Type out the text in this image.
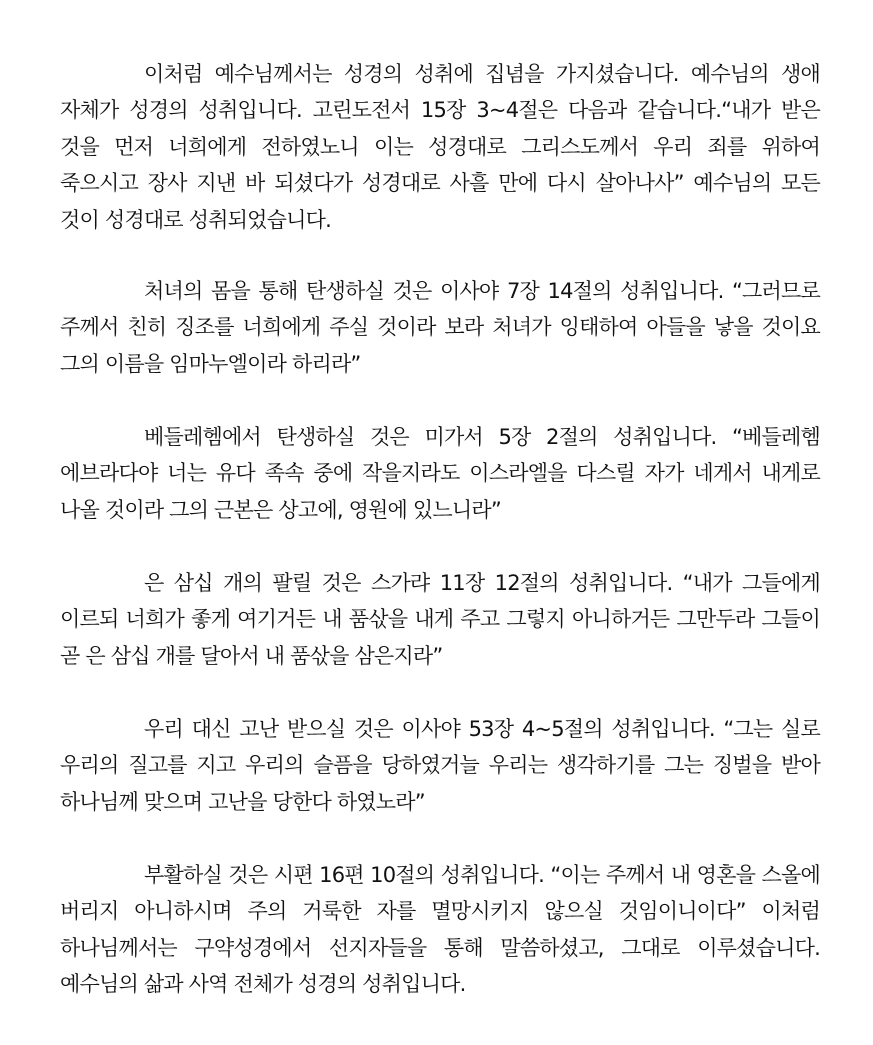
이처럼 예수님께서는 성경의 성취에 집념을 가지셨습니다. 예수님의 생애 자체가 성경의 성취입니다. 고린도전서 15장 3~4절은 다음과 같습니다.“내가 받은 것을 먼저 너희에게 전하였노니 이는 성경대로 그리스도께서 우리 죄를 위하여 죽으시고 장사 지낸 바 되셨다가 성경대로 사흘 만에 다시 살아나사” 예수님의 모든 것이 성경대로 성취되었습니다.

처녀의 몸을 통해 탄생하실 것은 이사야 7장 14절의 성취입니다. “그러므로 주께서 친히 징조를 너희에게 주실 것이라 보라 처녀가 잉태하여 아들을 낳을 것이요 그의 이름을 임마누엘이라 하리라”

베들레헴에서 탄생하실 것은 미가서 5장 2절의 성취입니다. “베들레헴 에브라다야 너는 유다 족속 중에 작을지라도 이스라엘을 다스릴 자가 네게서 내게로 나올 것이라 그의 근본은 상고에, 영원에 있느니라”

은 삼십 개의 팔릴 것은 스가랴 11장 12절의 성취입니다. “내가 그들에게 이르되 너희가 좋게 여기거든 내 품삯을 내게 주고 그렇지 아니하거든 그만두라 그들이 곧 은 삼십 개를 달아서 내 품삯을 삼은지라”

우리 대신 고난 받으실 것은 이사야 53장 4~5절의 성취입니다. “그는 실로 우리의 질고를 지고 우리의 슬픔을 당하였거늘 우리는 생각하기를 그는 징벌을 받아 하나님께 맞으며 고난을 당한다 하였노라”

부활하실 것은 시편 16편 10절의 성취입니다. “이는 주께서 내 영혼을 스올에 버리지 아니하시며 주의 거룩한 자를 멸망시키지 않으실 것임이니이다” 이처럼 하나님께서는 구약성경에서 선지자들을 통해 말씀하셨고, 그대로 이루셨습니다. 예수님의 삶과 사역 전체가 성경의 성취입니다.
